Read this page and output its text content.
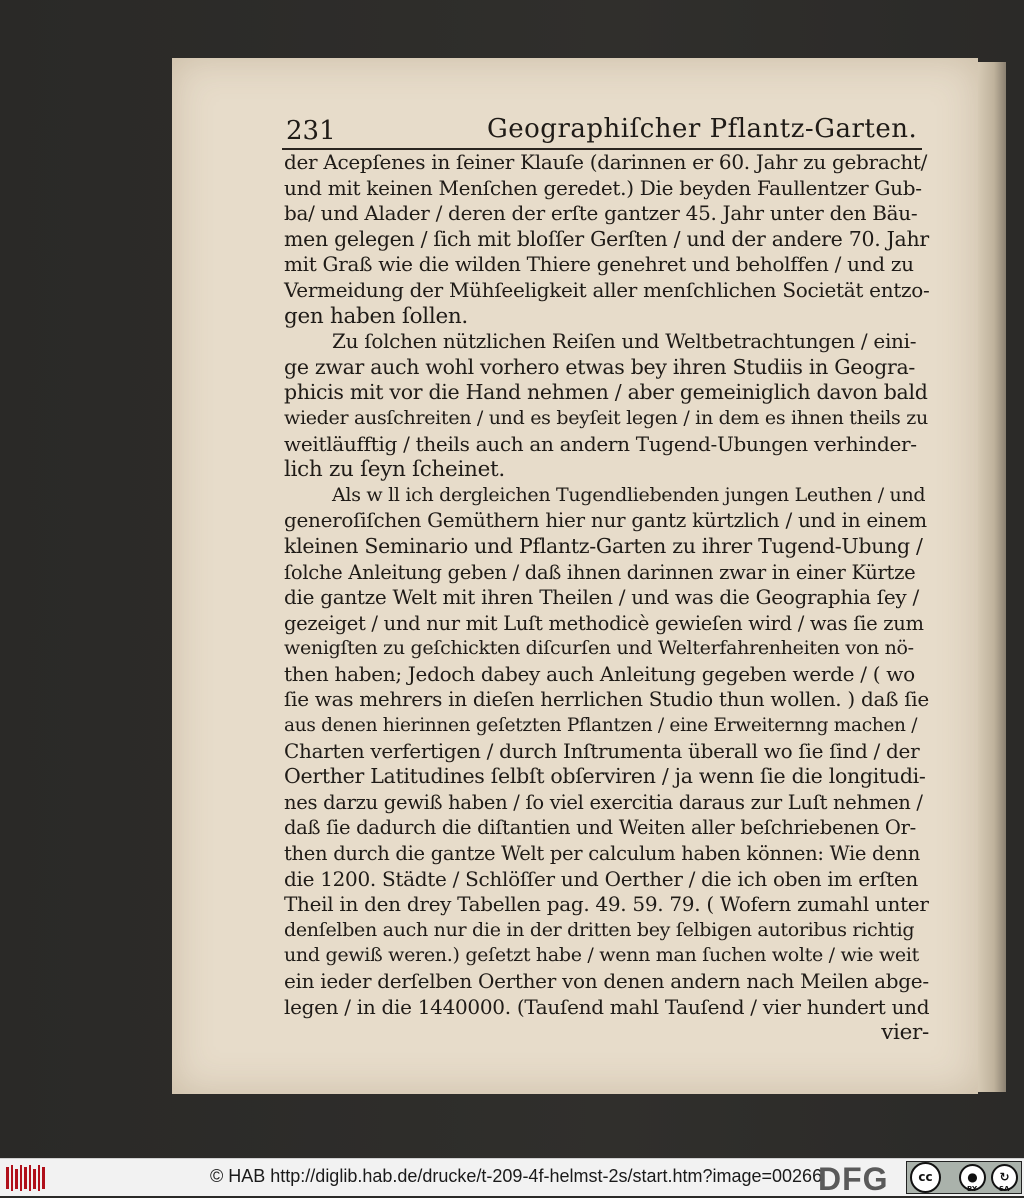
231	Geographiſcher Pflantz-Garten.
der Acepſenes in ſeiner Klauſe (darinnen er 60. Jahr zu gebracht/
und mit keinen Menſchen geredet.) Die beyden Faullentzer Gub-
ba/ und Alader / deren der erſte gantzer 45. Jahr unter den Bäu-
men gelegen / ſich mit bloſſer Gerſten / und der andere 70. Jahr
mit Graß wie die wilden Thiere genehret und beholffen / und zu
Vermeidung der Mühſeeligkeit aller menſchlichen Societät entzo-
gen haben ſollen.
Zu ſolchen nützlichen Reiſen und Weltbetrachtungen / eini-
ge zwar auch wohl vorhero etwas bey ihren Studiis in Geogra-
phicis mit vor die Hand nehmen / aber gemeiniglich davon bald
wieder ausſchreiten / und es beyſeit legen / in dem es ihnen theils zu
weitläufftig / theils auch an andern Tugend-Ubungen verhinder-
lich zu ſeyn ſcheinet.
Als w ll ich dergleichen Tugendliebenden jungen Leuthen / und
generoſiſchen Gemüthern hier nur gantz kürtzlich / und in einem
kleinen Seminario und Pflantz-Garten zu ihrer Tugend-Ubung /
ſolche Anleitung geben / daß ihnen darinnen zwar in einer Kürtze
die gantze Welt mit ihren Theilen / und was die Geographia ſey /
gezeiget / und nur mit Luſt methodicè gewieſen wird / was ſie zum
wenigſten zu geſchickten diſcurſen und Welterfahrenheiten von nö-
then haben; Jedoch dabey auch Anleitung gegeben werde / ( wo
ſie was mehrers in dieſen herrlichen Studio thun wollen. ) daß ſie
aus denen hierinnen geſetzten Pflantzen / eine Erweiternng machen /
Charten verfertigen / durch Inſtrumenta überall wo ſie ſind / der
Oerther Latitudines ſelbſt obſerviren / ja wenn ſie die longitudi-
nes darzu gewiß haben / ſo viel exercitia daraus zur Luſt nehmen /
daß ſie dadurch die diſtantien und Weiten aller beſchriebenen Or-
then durch die gantze Welt per calculum haben können: Wie denn
die 1200. Städte / Schlöſſer und Oerther / die ich oben im erſten
Theil in den drey Tabellen pag. 49. 59. 79. ( Wofern zumahl unter
denſelben auch nur die in der dritten bey ſelbigen autoribus richtig
und gewiß weren.) geſetzt habe / wenn man ſuchen wolte / wie weit
ein ieder derſelben Oerther von denen andern nach Meilen abge-
legen / in die 1440000. (Tauſend mahl Tauſend / vier hundert und
vier-
© HAB http://diglib.hab.de/drucke/t-209-4f-helmst-2s/start.htm?image=00266
DFG	cc	●	↻
BY	SA
